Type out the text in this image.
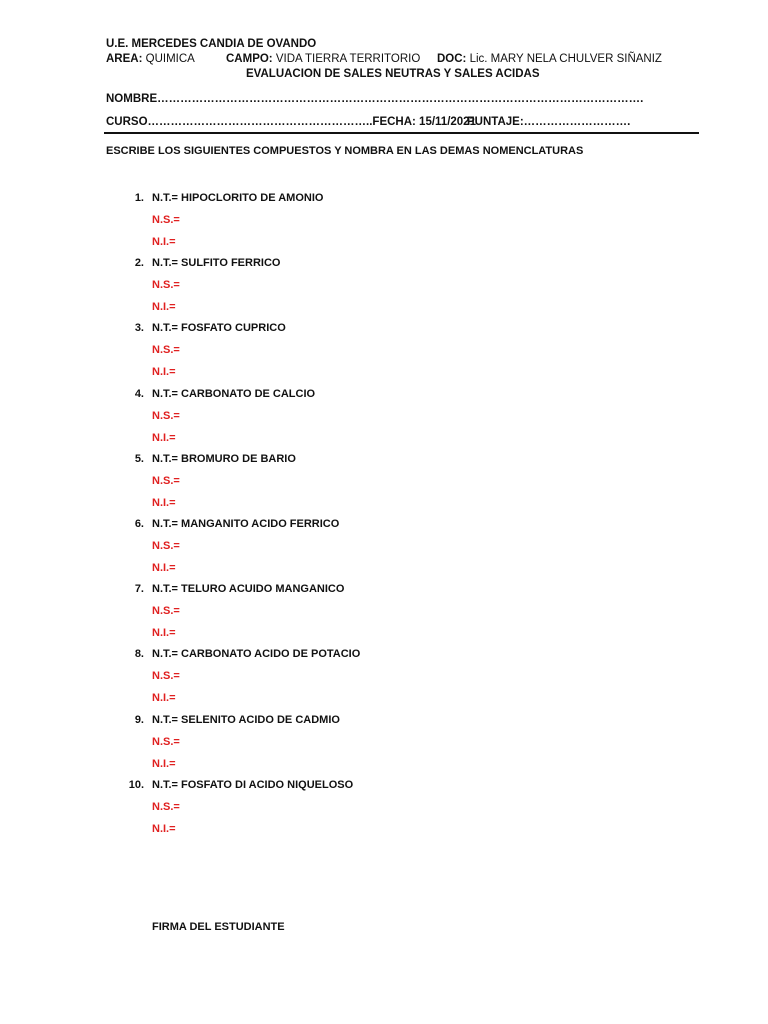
U.E. MERCEDES CANDIA DE OVANDO
AREA: QUIMICA	CAMPO: VIDA TIERRA TERRITORIO DOC: Lic. MARY NELA CHULVER SIÑANIZ
EVALUACION DE SALES NEUTRAS Y SALES ACIDAS
NOMBRE……………………………………………………………………………………………………………….
CURSO…………………………………………………..FECHA: 15/11/2021
PUNTAJE:……………………….
ESCRIBE LOS SIGUIENTES COMPUESTOS Y NOMBRA EN LAS DEMAS NOMENCLATURAS
1. N.T.= HIPOCLORITO DE AMONIO
N.S.=
N.I.=
2. N.T.= SULFITO FERRICO
N.S.=
N.I.=
3. N.T.= FOSFATO CUPRICO
N.S.=
N.I.=
4. N.T.= CARBONATO DE CALCIO
N.S.=
N.I.=
5. N.T.= BROMURO DE BARIO
N.S.=
N.I.=
6. N.T.= MANGANITO ACIDO FERRICO
N.S.=
N.I.=
7. N.T.= TELURO ACUIDO MANGANICO
N.S.=
N.I.=
8. N.T.= CARBONATO ACIDO DE POTACIO
N.S.=
N.I.=
9. N.T.= SELENITO ACIDO DE CADMIO
N.S.=
N.I.=
10. N.T.= FOSFATO DI ACIDO NIQUELOSO
N.S.=
N.I.=
FIRMA DEL ESTUDIANTE
